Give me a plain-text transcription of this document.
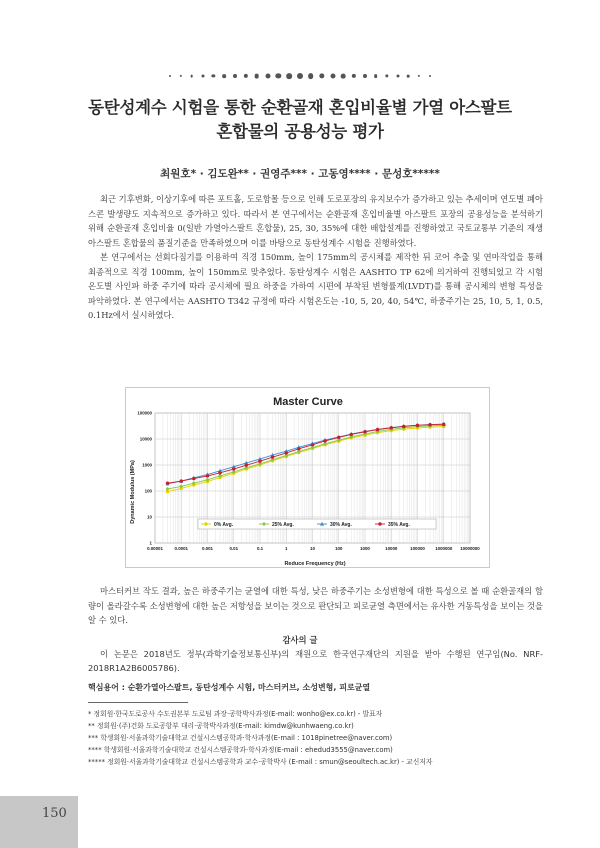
동탄성계수 시험을 통한 순환골재 혼입비율별 가열 아스팔트
혼합물의 공용성능 평가
최원호* · 김도완** · 권영주*** · 고동영**** · 문성호*****

최근 기후변화, 이상기후에 따른 포트홀, 도로함몰 등으로 인해 도로포장의 유지보수가 증가하고 있는 추세이며 연도별 폐아스콘 발생량도 지속적으로 증가하고 있다. 따라서 본 연구에서는 순환골재 혼입비율별 아스팔트 포장의 공용성능을 분석하기 위해 순환골재 혼입비율 0(일반 가열아스팔트 혼합물), 25, 30, 35%에 대한 배합설계를 진행하였고 국토교통부 기준의 재생아스팔트 혼합물의 품질기준을 만족하였으며 이를 바탕으로 동탄성계수 시험을 진행하였다.

본 연구에서는 선회다짐기를 이용하여 직경 150mm, 높이 175mm의 공시체를 제작한 뒤 코어 추출 및 연마작업을 통해 최종적으로 직경 100mm, 높이 150mm로 맞추었다. 동탄성계수 시험은 AASHTO TP 62에 의거하여 진행되었고 각 시험 온도별 사인파 하중 주기에 따라 공시체에 필요 하중을 가하여 시편에 부착된 변형률계(LVDT)를 통해 공시체의 변형 특성을 파악하였다. 본 연구에서는 AASHTO T342 규정에 따라 시험온도는 -10, 5, 20, 40, 54℃, 하중주기는 25, 10, 5, 1, 0.5, 0.1Hz에서 실시하였다.

Master Curve
Reduce Frequency (Hz)
Dynamic Modulus (MPa)
0.00001	0.0001	0.001	0.01	0.1	1	10	100	1000	10000	100000 1000000 10000000
1
10
100
1000
10000
100000
0% Avg.	25% Avg.	30% Avg.	35% Avg.

마스터커브 작도 결과, 높은 하중주기는 균열에 대한 특성, 낮은 하중주기는 소성변형에 대한 특성으로 볼 때 순환골재의 함량이 올라갈수록 소성변형에 대한 높은 저항성을 보이는 것으로 판단되고 피로균열 측면에서는 유사한 거동특성을 보이는 것을 알 수 있다.

감사의 글
이 논문은 2018년도 정부(과학기술정보통신부)의 재원으로 한국연구재단의 지원을 받아 수행된 연구임(No. NRF-2018R1A2B6005786).
핵심용어 : 순환가열아스팔트, 동탄성계수 시험, 마스터커브, 소성변형, 피로균열
* 정회원·한국도로공사 수도권본부 도로팀 과장·공학박사과정(E-mail: wonho@ex.co.kr) - 발표자
** 정회원·(주)건화 도로공항부 대리·공학박사과정(E-mail: kimdw@kunhwaeng.co.kr)
*** 학생회원·서울과학기술대학교 건설시스템공학과·학사과정(E-mail : 1018pinetree@naver.com)
**** 학생회원·서울과학기술대학교 건설시스템공학과·학사과정(E-mail : ehedud3555@naver.com)
***** 정회원·서울과학기술대학교 건설시스템공학과 교수·공학박사 (E-mail : smun@seoultech.ac.kr) - 교신저자
150
